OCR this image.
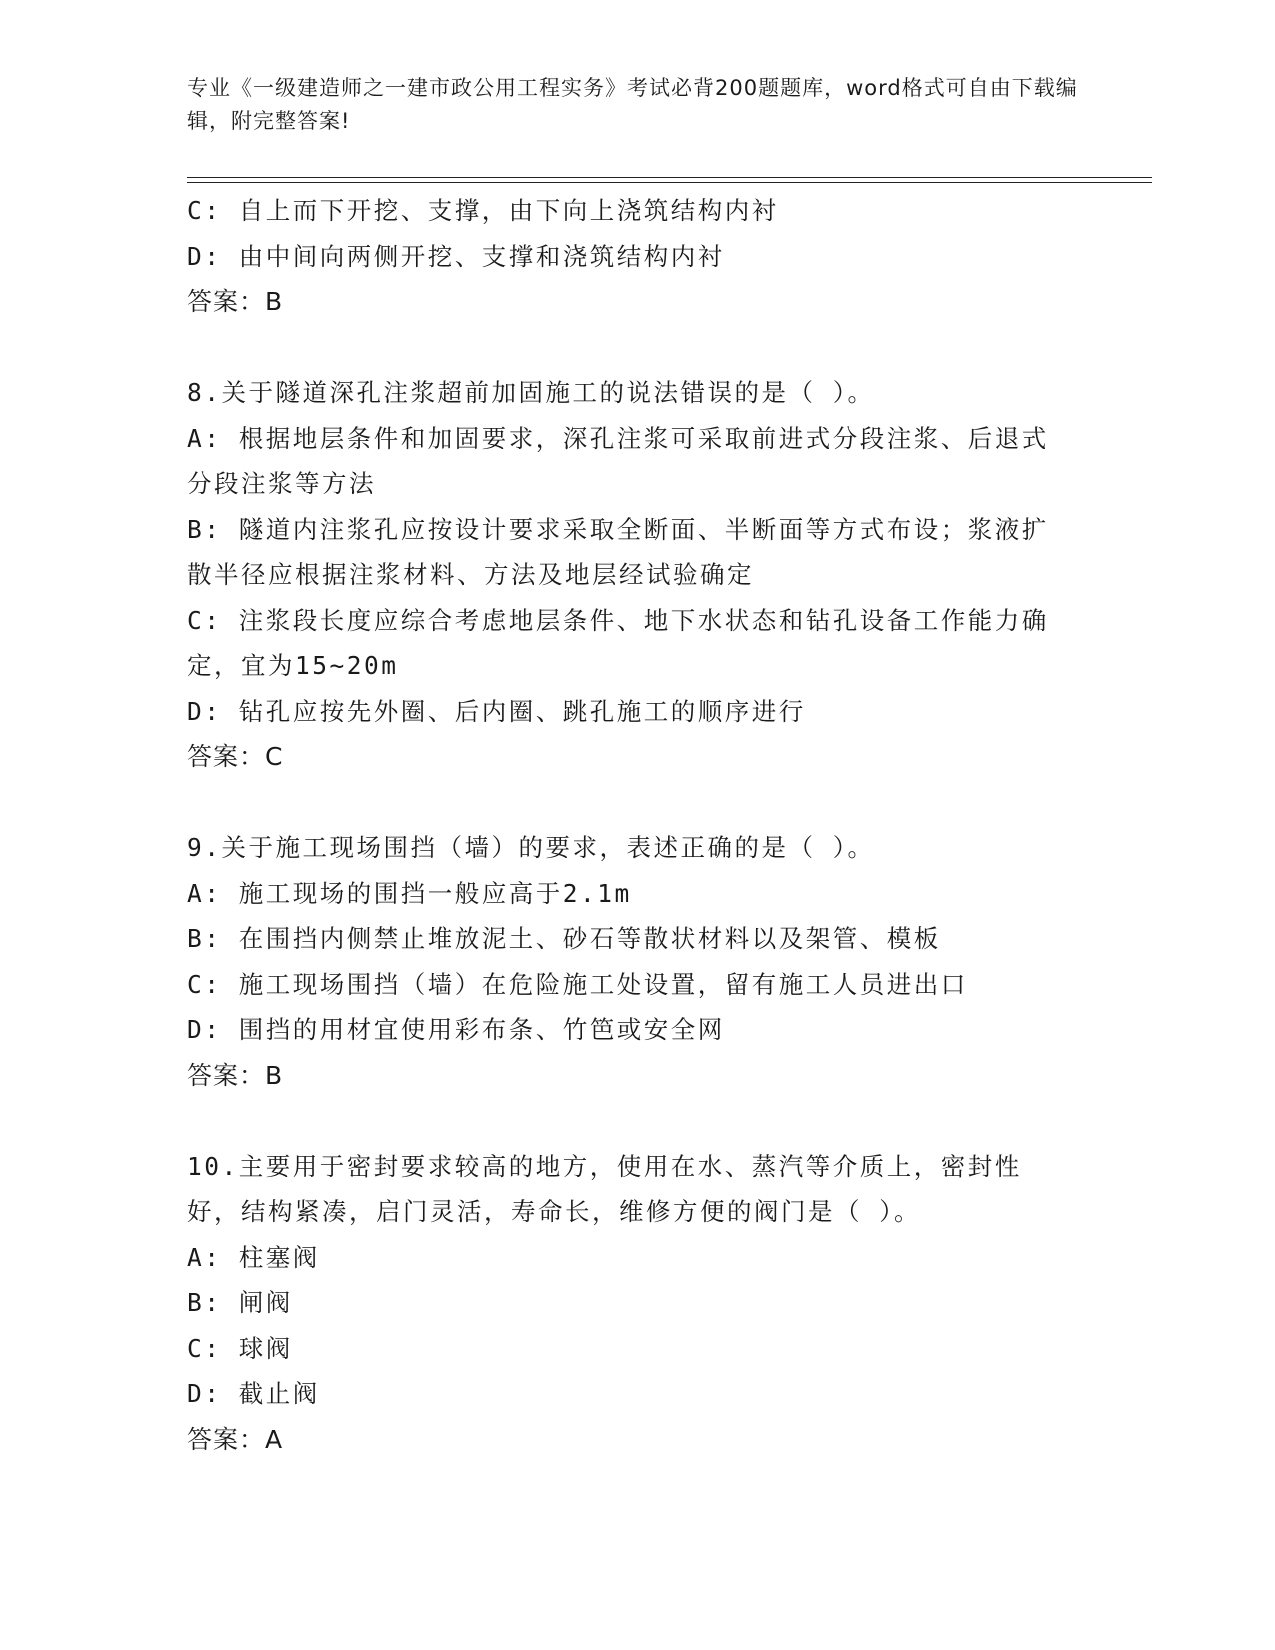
专业《一级建造师之一建市政公用工程实务》考试必背200题题库，word格式可自由下载编辑，附完整答案!
C: 自上而下开挖、支撑，由下向上浇筑结构内衬
D: 由中间向两侧开挖、支撑和浇筑结构内衬
答案：B
8.关于隧道深孔注浆超前加固施工的说法错误的是（ ）。
A: 根据地层条件和加固要求，深孔注浆可采取前进式分段注浆、后退式分段注浆等方法
B: 隧道内注浆孔应按设计要求采取全断面、半断面等方式布设；浆液扩散半径应根据注浆材料、方法及地层经试验确定
C: 注浆段长度应综合考虑地层条件、地下水状态和钻孔设备工作能力确定，宜为15~20m
D: 钻孔应按先外圈、后内圈、跳孔施工的顺序进行
答案：C
9.关于施工现场围挡（墙）的要求，表述正确的是（ ）。
A: 施工现场的围挡一般应高于2.1m
B: 在围挡内侧禁止堆放泥土、砂石等散状材料以及架管、模板
C: 施工现场围挡（墙）在危险施工处设置，留有施工人员进出口
D: 围挡的用材宜使用彩布条、竹笆或安全网
答案：B
10.主要用于密封要求较高的地方，使用在水、蒸汽等介质上，密封性好，结构紧凑，启门灵活，寿命长，维修方便的阀门是（ ）。
A: 柱塞阀
B: 闸阀
C: 球阀
D: 截止阀
答案：A
